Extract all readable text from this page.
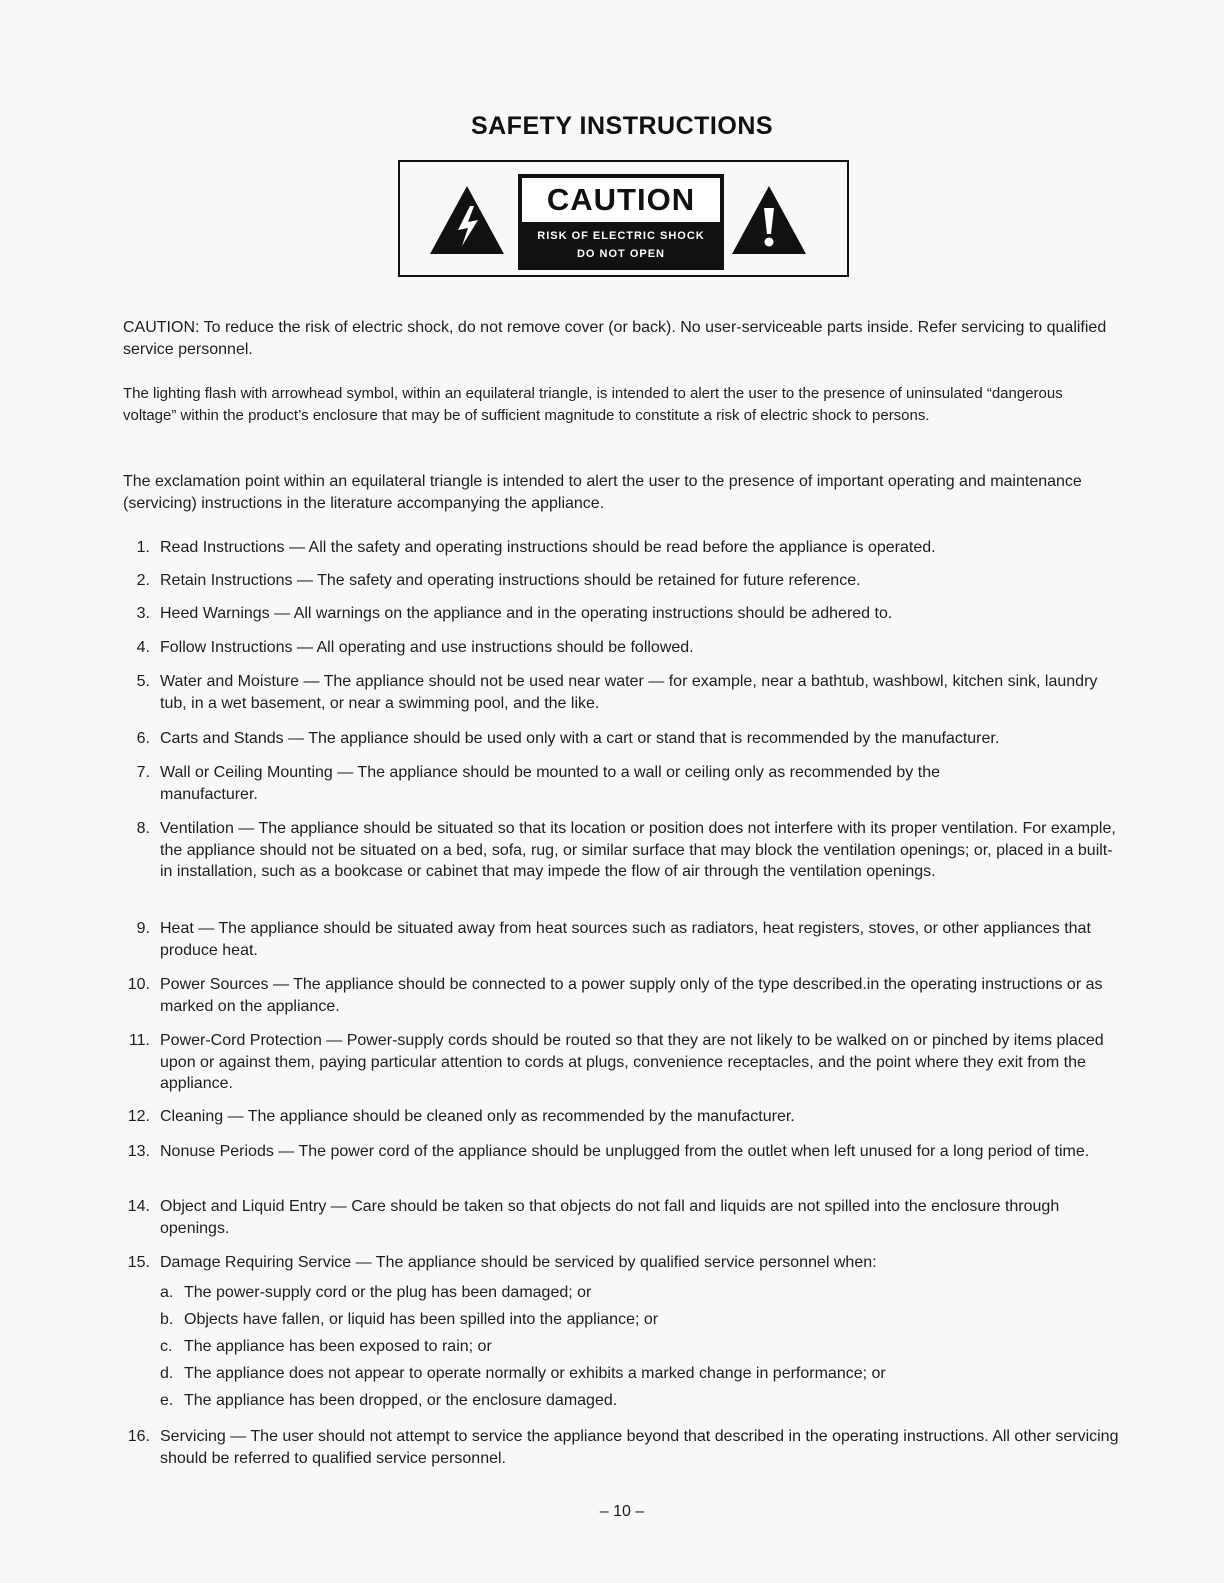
SAFETY INSTRUCTIONS
CAUTION
RISK OF ELECTRIC SHOCK
DO NOT OPEN

CAUTION: To reduce the risk of electric shock, do not remove cover (or back). No user-serviceable parts inside. Refer servicing to qualified service personnel.

The lighting flash with arrowhead symbol, within an equilateral triangle, is intended to alert the user to the presence of uninsulated “dangerous voltage” within the product’s enclosure that may be of sufficient magnitude to constitute a risk of electric shock to persons.

The exclamation point within an equilateral triangle is intended to alert the user to the presence of important operating and maintenance (servicing) instructions in the literature accompanying the appliance.

1. Read Instructions — All the safety and operating instructions should be read before the appliance is operated.
2. Retain Instructions — The safety and operating instructions should be retained for future reference.
3. Heed Warnings — All warnings on the appliance and in the operating instructions should be adhered to.
4. Follow Instructions — All operating and use instructions should be followed.
5. Water and Moisture — The appliance should not be used near water — for example, near a bathtub, washbowl, kitchen sink, laundry tub, in a wet basement, or near a swimming pool, and the like.
6. Carts and Stands — The appliance should be used only with a cart or stand that is recommended by the manufacturer.
7. Wall or Ceiling Mounting — The appliance should be mounted to a wall or ceiling only as recommended by the manufacturer.
8. Ventilation — The appliance should be situated so that its location or position does not interfere with its proper ventilation. For example, the appliance should not be situated on a bed, sofa, rug, or similar surface that may block the ventilation openings; or, placed in a built-in installation, such as a bookcase or cabinet that may impede the flow of air through the ventilation openings.
9. Heat — The appliance should be situated away from heat sources such as radiators, heat registers, stoves, or other appliances that produce heat.
10. Power Sources — The appliance should be connected to a power supply only of the type described.in the operating instructions or as marked on the appliance.
11. Power-Cord Protection — Power-supply cords should be routed so that they are not likely to be walked on or pinched by items placed upon or against them, paying particular attention to cords at plugs, convenience receptacles, and the point where they exit from the appliance.
12. Cleaning — The appliance should be cleaned only as recommended by the manufacturer.
13. Nonuse Periods — The power cord of the appliance should be unplugged from the outlet when left unused for a long period of time.
14. Object and Liquid Entry — Care should be taken so that objects do not fall and liquids are not spilled into the enclosure through openings.
15. Damage Requiring Service — The appliance should be serviced by qualified service personnel when:
a. The power-supply cord or the plug has been damaged; or
b. Objects have fallen, or liquid has been spilled into the appliance; or
c. The appliance has been exposed to rain; or
d. The appliance does not appear to operate normally or exhibits a marked change in performance; or
e. The appliance has been dropped, or the enclosure damaged.
16. Servicing — The user should not attempt to service the appliance beyond that described in the operating instructions. All other servicing should be referred to qualified service personnel.
– 10 –
